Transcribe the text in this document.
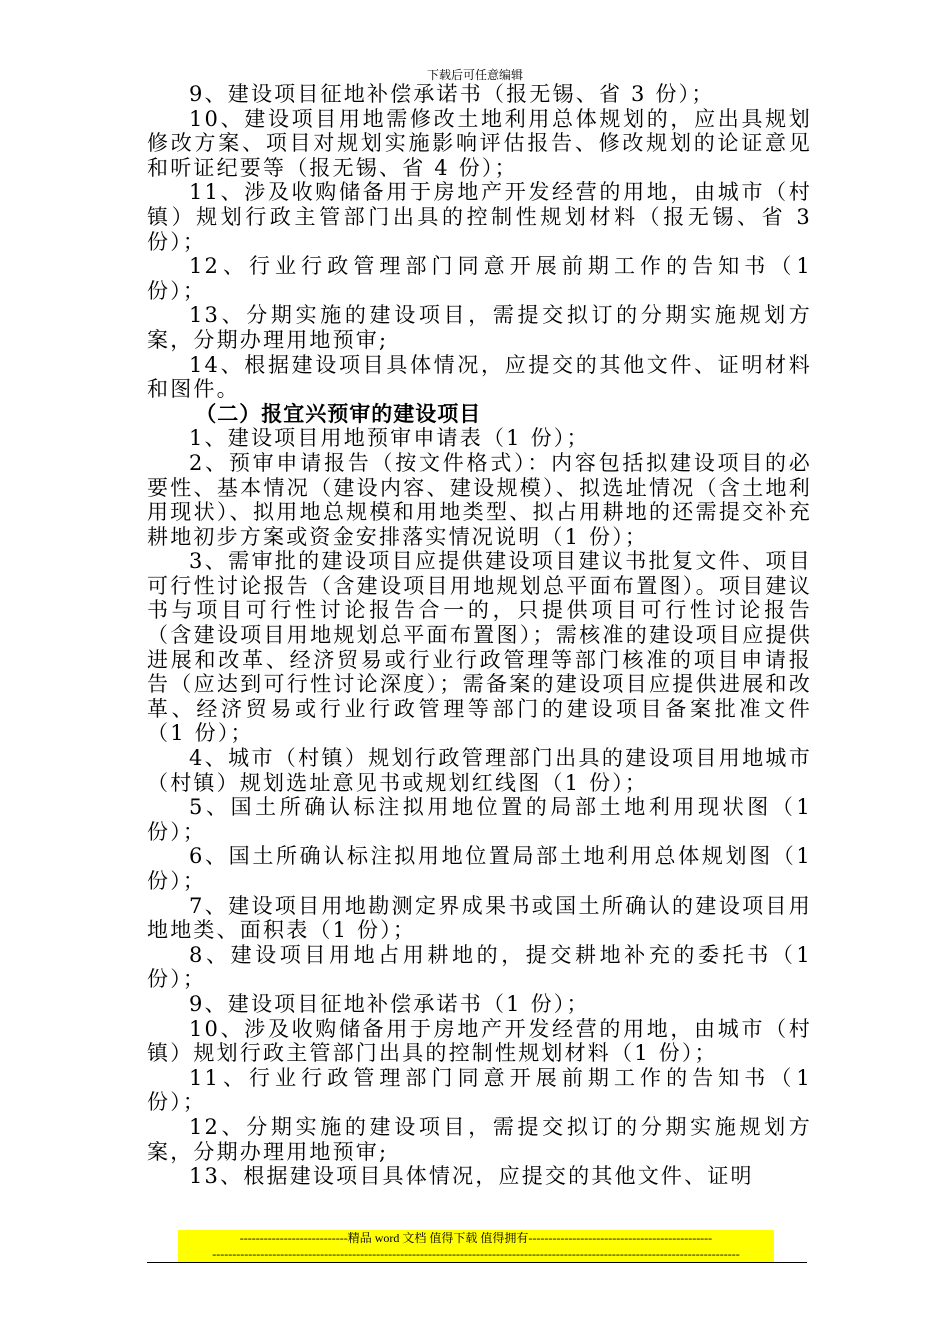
下载后可任意编辑

9、建设项目征地补偿承诺书（报无锡、省 3 份）；

10、建设项目用地需修改土地利用总体规划的，应出具规划修改方案、项目对规划实施影响评估报告、修改规划的论证意见和听证纪要等（报无锡、省 4 份）；

11、涉及收购储备用于房地产开发经营的用地，由城市（村镇）规划行政主管部门出具的控制性规划材料（报无锡、省 3 份）；

12、行业行政管理部门同意开展前期工作的告知书（1 份）；

13、分期实施的建设项目，需提交拟订的分期实施规划方案，分期办理用地预审;

14、根据建设项目具体情况，应提交的其他文件、证明材料和图件。

（二）报宜兴预审的建设项目

1、建设项目用地预审申请表（1 份）；

2、预审申请报告（按文件格式）：内容包括拟建设项目的必要性、基本情况（建设内容、建设规模）、拟选址情况（含土地利用现状）、拟用地总规模和用地类型、拟占用耕地的还需提交补充耕地初步方案或资金安排落实情况说明（1 份）；

3、需审批的建设项目应提供建设项目建议书批复文件、项目可行性讨论报告（含建设项目用地规划总平面布置图）。项目建议书与项目可行性讨论报告合一的，只提供项目可行性讨论报告（含建设项目用地规划总平面布置图）；需核准的建设项目应提供进展和改革、经济贸易或行业行政管理等部门核准的项目申请报告（应达到可行性讨论深度）；需备案的建设项目应提供进展和改革、经济贸易或行业行政管理等部门的建设项目备案批准文件（1 份）；

4、城市（村镇）规划行政管理部门出具的建设项目用地城市（村镇）规划选址意见书或规划红线图（1 份）；

5、国土所确认标注拟用地位置的局部土地利用现状图（1 份）；

6、国土所确认标注拟用地位置局部土地利用总体规划图（1 份）；

7、建设项目用地勘测定界成果书或国土所确认的建设项目用地地类、面积表（1 份）；

8、建设项目用地占用耕地的，提交耕地补充的委托书（1 份）；

9、建设项目征地补偿承诺书（1 份）；

10、涉及收购储备用于房地产开发经营的用地，由城市（村镇）规划行政主管部门出具的控制性规划材料（1 份）；

11、行业行政管理部门同意开展前期工作的告知书（1 份）；

12、分期实施的建设项目，需提交拟订的分期实施规划方案，分期办理用地预审;

13、根据建设项目具体情况，应提交的其他文件、证明

---------------------------精品 word 文档 值得下载 值得拥有----------------------------------------------
------------------------------------------------------------------------------------------------------------------------------------
